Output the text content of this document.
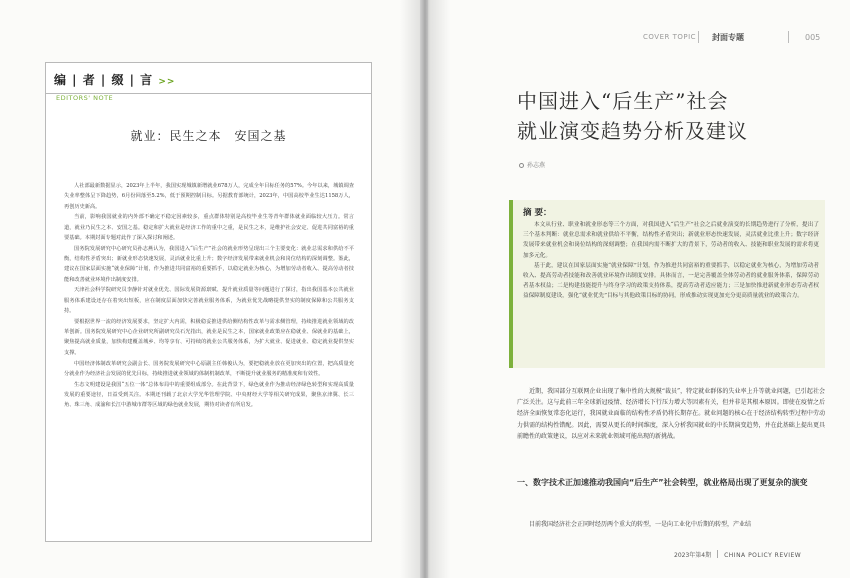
编 | 者 | 缀 | 言 >>
EDITORS' NOTE
就业：民生之本　安国之基

人社部最新数据显示，2023年上半年，我国实现城镇新增就业678万人，完成全年目标任务的57%。今年以来，城镇调查失业率整体呈下降趋势，6月份回落至5.2%，低于预期控制目标。另据教育部统计，2023年，中国高校毕业生达1158万人，再创历史新高。

当前，影响我国就业的内外部不确定不稳定因素较多，重点群体特别是高校毕业生等青年群体就业面临较大压力。常言道，就业乃民生之本、安国之基。稳定和扩大就业是经济工作的重中之重，是民生之本，是维护社会安定、促进共同富裕的重要基础。本期封面专题对此作了深入探讨和阐述。

国务院发展研究中心研究员孙志燕认为，我国进入“后生产”社会的就业形势呈现出三个主要变化：就业总需求和供给不平衡，结构性矛盾突出；新就业形态快速发展，灵活就业比重上升；数字经济发展带来就业机会和岗位结构的深刻调整。鉴此，建议在国家层面实施“就业保障”计划，作为推进共同富裕的重要抓手，以稳定就业为核心，为增加劳动者收入、提高劳动者技能和改善就业环境作出制度安排。

天津社会科学院研究员李静针对就业优先、国际发展资源禀赋、提升就业质量等问题进行了探讨，指出我国基本公共就业服务体系建设还存在着突出短板，应在制度层面加快完善就业服务体系，为就业优先战略提供坚实的制度保障和公共服务支持。

要根据世界一流的经济发展要求，坚定扩大内需，积极稳妥推进供给侧结构性改革与需求侧管理，持续推进就业领域的改革创新。国务院发展研究中心企业研究所副研究员石光指出，就业是民生之本，国家就业政策应在稳就业、保就业的基础上，聚焦提高就业质量，加快构建覆盖城乡、均等享有、可持续的就业公共服务体系，为扩大就业、促进就业、稳定就业提供坚实支撑。

中国经济体制改革研究会副会长、国务院发展研究中心原副主任韩俊认为，要把稳就业放在更加突出的位置，把高质量充分就业作为经济社会发展的优先目标，持续推进就业领域的体制机制改革，不断提升就业服务的精准度和有效性。

生态文明建设是我国“五位一体”总体布局中的重要组成部分。在此背景下，绿色就业作为推动经济绿色转型和实现高质量发展的重要途径，日益受到关注。本期还刊载了北京大学光华管理学院、中央财经大学等相关研究成果，聚焦京津冀、长三角、珠三角、成渝和长江中游城市群等区域的绿色就业发展，期待对读者有所启发。

COVER TOPIC 封面专题	005
中国进入“后生产”社会
就业演变趋势分析及建议
孙志燕
摘 要：

本文从行业、职业和就业形态等三个方面，对我国进入“后生产”社会之后就业演变的长期趋势进行了分析，提出了三个基本判断：就业总需求和就业供给不平衡，结构性矛盾突出；新就业形态快速发展，灵活就业比重上升；数字经济发展带来就业机会和岗位结构的深刻调整；在我国内需不断扩大的背景下，劳动者的收入、技能和职业发展的需求将更加多元化。

基于此，建议在国家层面实施“就业保障”计划，作为推进共同富裕的重要抓手，以稳定就业为核心，为增加劳动者收入、提高劳动者技能和改善就业环境作出制度安排。具体而言，一是完善覆盖全体劳动者的就业服务体系，保障劳动者基本权益；二是构建技能提升与终身学习的政策支持体系，提高劳动者适应能力；三是加快推进新就业形态劳动者权益保障制度建设，强化“就业优先”目标与其他政策目标的协同，形成推动实现更加充分更高质量就业的政策合力。

近期，我国部分互联网企业出现了集中性的大规模“裁员”，特定就业群体的失业率上升等就业问题，已引起社会广泛关注。这与此前三年全球新冠疫情、经济增长下行压力增大等因素有关，但并非是其根本原因。即使在疫情之后经济全面恢复常态化运行，我国就业面临的结构性矛盾仍将长期存在。就业问题的核心在于经济结构转型过程中劳动力供需的结构性错配。因此，需要从更长的时间维度，深入分析我国就业的中长期演变趋势，并在此基础上提出更具前瞻性的政策建议，以应对未来就业领域可能出现的新挑战。

一、数字技术正加速推动我国向“后生产”社会转型，就业格局出现了更复杂的演变
目前我国经济社会正同时经历两个重大的转型，一是向工业化中后期的转型，产业结
2023年第4期 CHINA POLICY REVIEW
